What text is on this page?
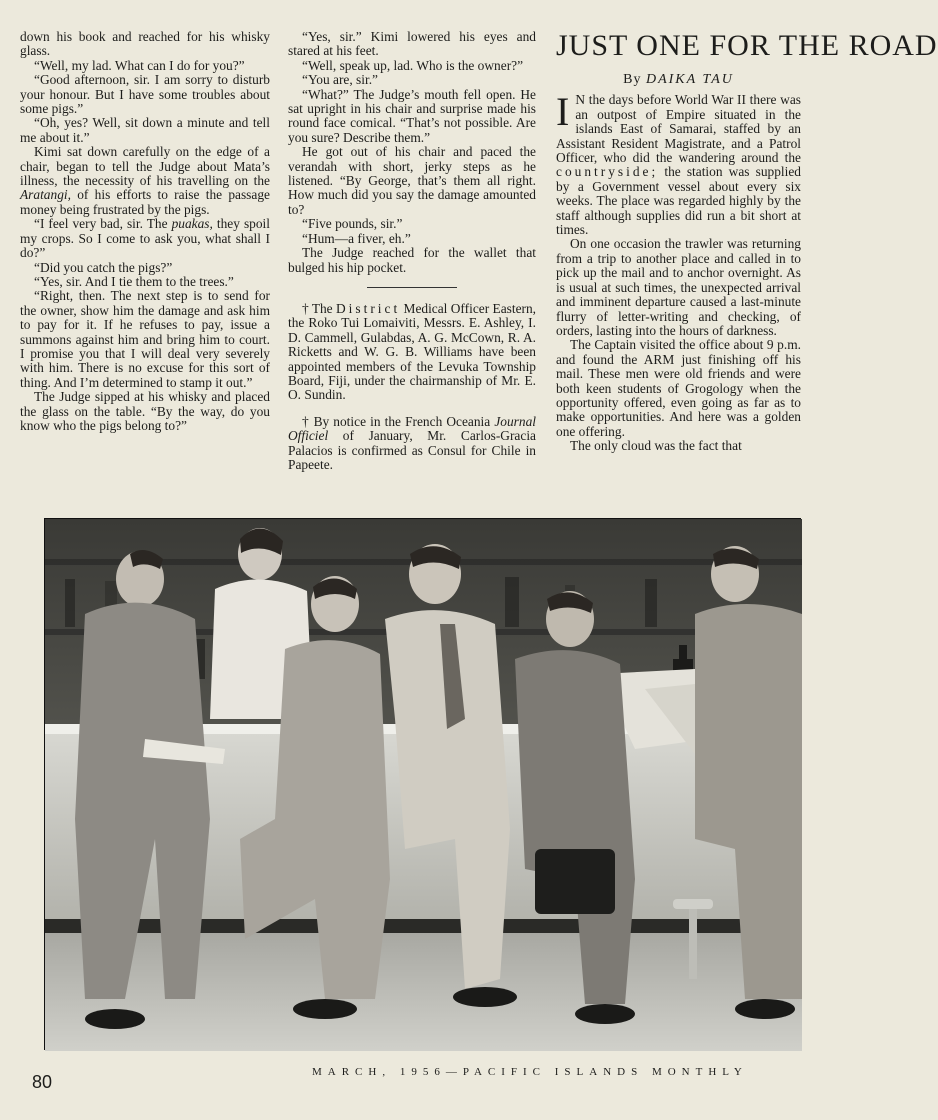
down his book and reached for his whisky glass.

“Well, my lad. What can I do for you?”

“Good afternoon, sir. I am sorry to disturb your honour. But I have some troubles about some pigs.”

“Oh, yes? Well, sit down a minute and tell me about it.”

Kimi sat down carefully on the edge of a chair, began to tell the Judge about Mata’s illness, the necessity of his travelling on the Aratangi, of his efforts to raise the passage money being frustrated by the pigs.

“I feel very bad, sir. The puakas, they spoil my crops. So I come to ask you, what shall I do?”

“Did you catch the pigs?”

“Yes, sir. And I tie them to the trees.”

“Right, then. The next step is to send for the owner, show him the damage and ask him to pay for it. If he refuses to pay, issue a summons against him and bring him to court. I promise you that I will deal very severely with him. There is no excuse for this sort of thing. And I’m determined to stamp it out.”

The Judge sipped at his whisky and placed the glass on the table. “By the way, do you know who the pigs belong to?”

“Yes, sir.” Kimi lowered his eyes and stared at his feet.

“Well, speak up, lad. Who is the owner?”

“You are, sir.”

“What?” The Judge’s mouth fell open. He sat upright in his chair and surprise made his round face comical. “That’s not possible. Are you sure? Describe them.”

He got out of his chair and paced the verandah with short, jerky steps as he listened. “By George, that’s them all right. How much did you say the damage amounted to?

“Five pounds, sir.”

“Hum—a fiver, eh.”

The Judge reached for the wallet that bulged his hip pocket.

† The District Medical Officer Eastern, the Roko Tui Lomaiviti, Messrs. E. Ashley, I. D. Cammell, Gulabdas, A. G. McCown, R. A. Ricketts and W. G. B. Williams have been appointed members of the Levuka Township Board, Fiji, under the chairmanship of Mr. E. O. Sundin.

† By notice in the French Oceania Journal Officiel of January, Mr. Carlos-Gracia Palacios is confirmed as Consul for Chile in Papeete.

JUST ONE FOR THE ROAD
By DAIKA TAU

I N the days before World War II there was an outpost of Empire situated in the islands East of Samarai, staffed by an Assistant Resident Magistrate, and a Patrol Officer, who did the wandering around the countryside; the station was supplied by a Government vessel about every six weeks. The place was regarded highly by the staff although supplies did run a bit short at times.

On one occasion the trawler was returning from a trip to another place and called in to pick up the mail and to anchor overnight. As is usual at such times, the unexpected arrival and imminent departure caused a last-minute flurry of letter-writing and checking, of orders, lasting into the hours of darkness.

The Captain visited the office about 9 p.m. and found the ARM just finishing off his mail. These men were old friends and were both keen students of Grogology when the opportunity offered, even going as far as to make opportunities. And here was a golden one offering.

The only cloud was the fact that

80	MARCH, 1956—PACIFIC ISLANDS MONTHLY
